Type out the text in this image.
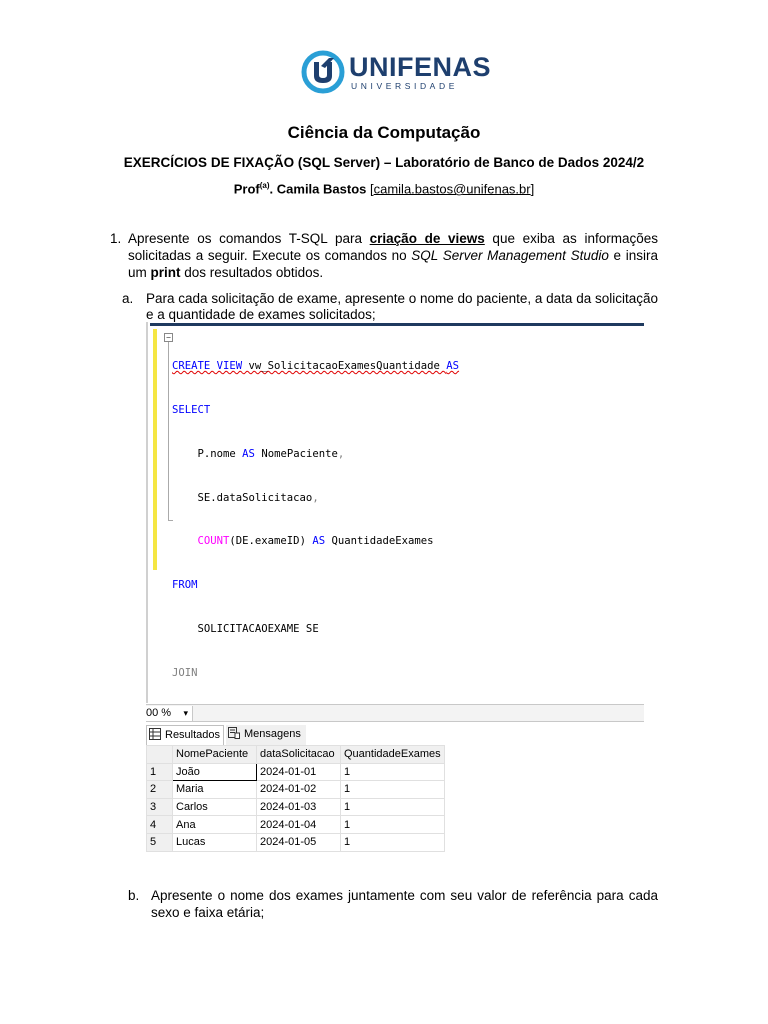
UNIFENAS
UNIVERSIDADE
Ciência da Computação
EXERCÍCIOS DE FIXAÇÃO (SQL Server) – Laboratório de Banco de Dados 2024/2
Prof$^{(a)}$. Camila Bastos [camila.bastos@unifenas.br]
1. Apresente os comandos T-SQL para criação de views que exiba as informações solicitadas a seguir. Execute os comandos no SQL Server Management Studio e insira um print dos resultados obtidos.
a. Para cada solicitação de exame, apresente o nome do paciente, a data da solicitação e a quantidade de exames solicitados;
−

CREATE VIEW vw_SolicitacaoExamesQuantidade AS

SELECT

P.nome AS NomePaciente,

SE.dataSolicitacao,

COUNT(DE.exameID) AS QuantidadeExames

FROM

SOLICITACAOEXAME SE

JOIN

00 % ▾
Resultados	Mensagens
	NomePaciente	dataSolicitacao	QuantidadeExames
1	João	2024-01-01	1
2	Maria	2024-01-02	1
3	Carlos	2024-01-03	1
4	Ana	2024-01-04	1
5	Lucas	2024-01-05	1
b. Apresente o nome dos exames juntamente com seu valor de referência para cada sexo e faixa etária;
